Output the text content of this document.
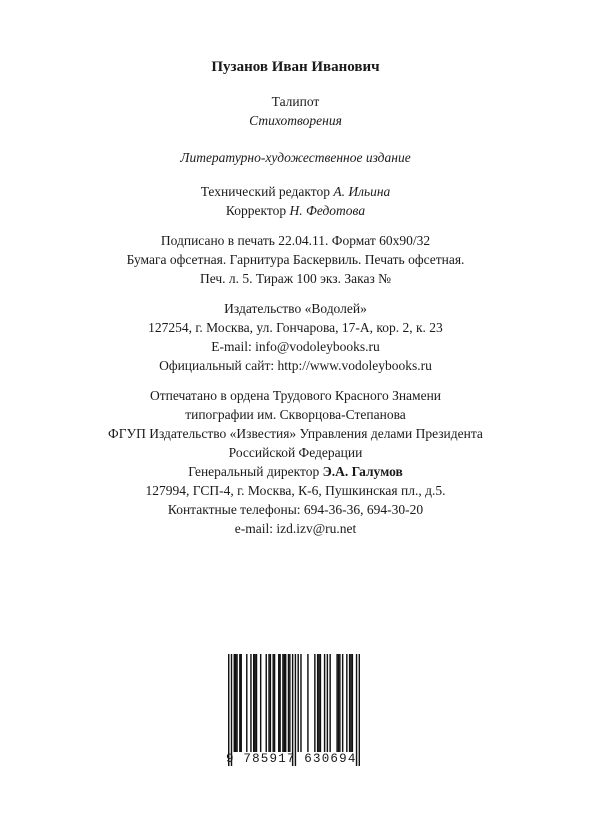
Пузанов Иван Иванович
Талипот
Стихотворения
Литературно-художественное издание
Технический редактор А. Ильина
Корректор Н. Федотова
Подписано в печать 22.04.11. Формат 60х90/32
Бумага офсетная. Гарнитура Баскервиль. Печать офсетная.
Печ. л. 5. Тираж 100 экз. Заказ №
Издательство «Водолей»
127254, г. Москва, ул. Гончарова, 17-А, кор. 2, к. 23
E-mail: info@vodoleybooks.ru
Официальный сайт: http://www.vodoleybooks.ru
Отпечатано в ордена Трудового Красного Знамени
типографии им. Скворцова-Степанова
ФГУП Издательство «Известия» Управления делами Президента
Российской Федерации
Генеральный директор Э.А. Галумов
127994, ГСП-4, г. Москва, К-6, Пушкинская пл., д.5.
Контактные телефоны: 694-36-36, 694-30-20
e-mail: izd.izv@ru.net
9 785917 630694
